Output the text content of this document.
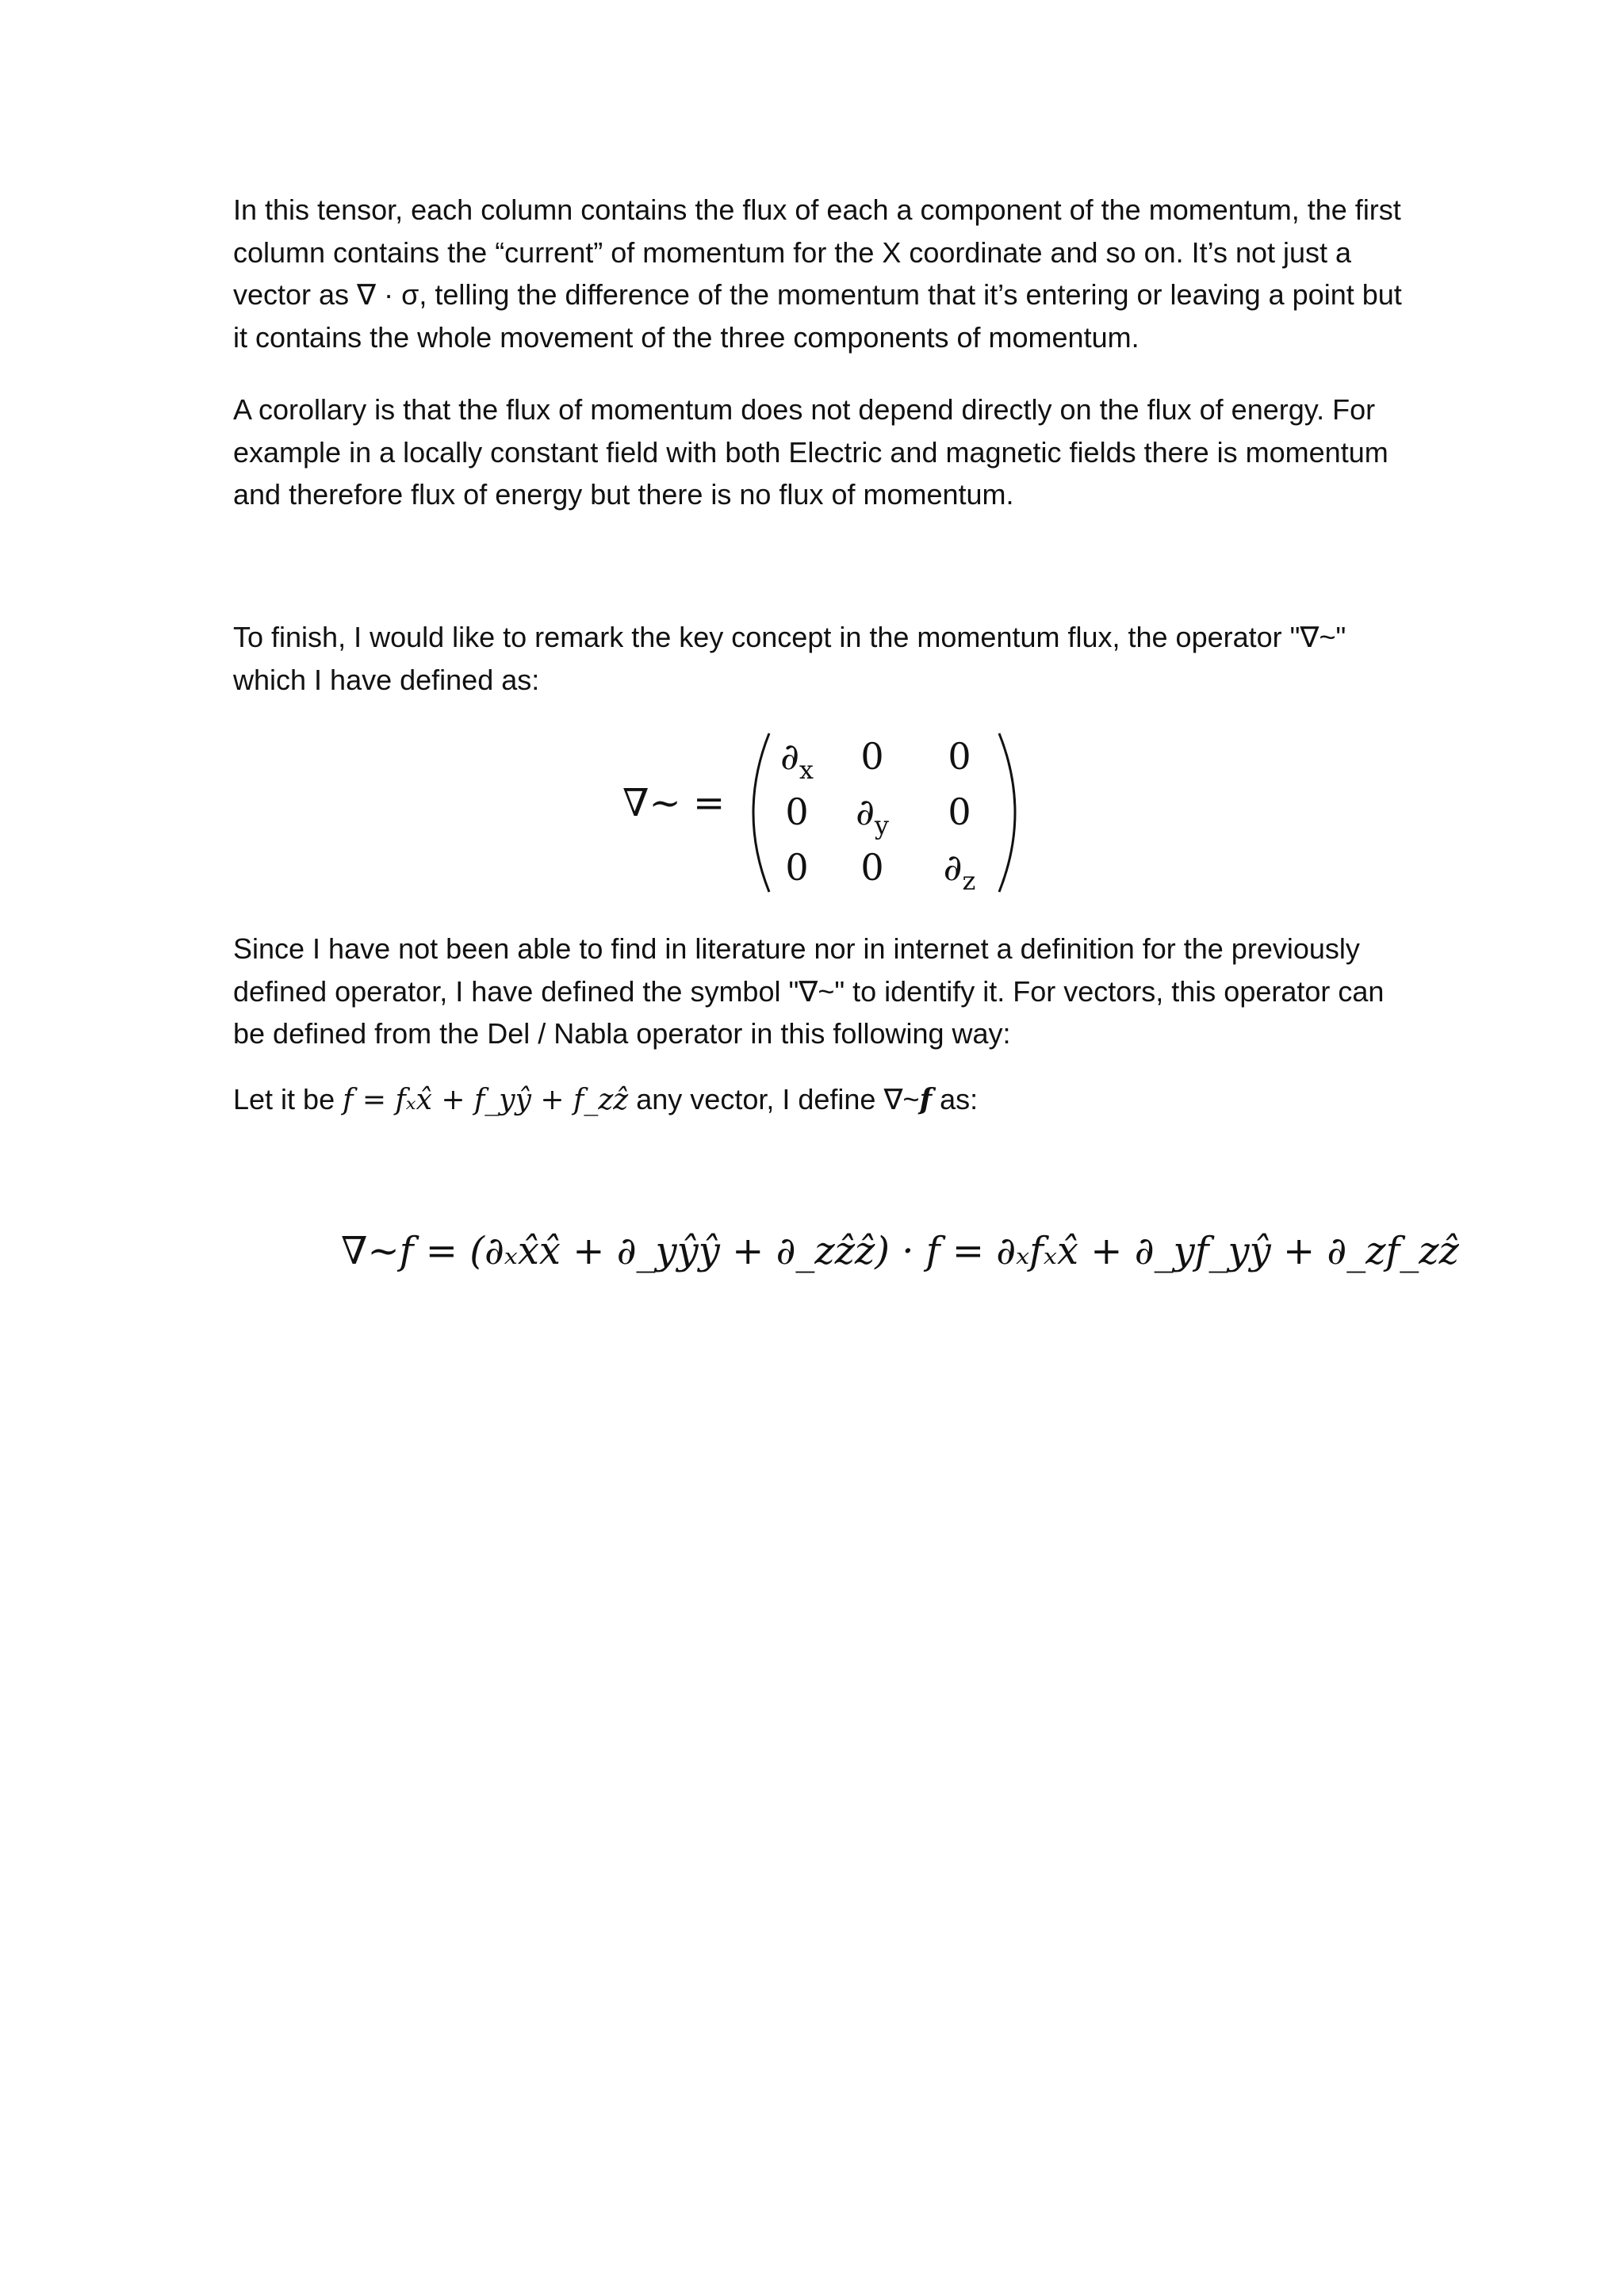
In this tensor, each column contains the flux of each a component of the momentum, the first column contains the “current” of momentum for the X coordinate and so on. It’s not just a vector as ∇ · σ, telling the difference of the momentum that it’s entering or leaving a point but it contains the whole movement of the three components of momentum.

A corollary is that the flux of momentum does not depend directly on the flux of energy. For example in a locally constant field with both Electric and magnetic fields there is momentum and therefore flux of energy but there is no flux of momentum.

To finish, I would like to remark the key concept in the momentum flux, the operator "∇~" which I have defined as:

∇~ =
$\partial_x$ 0 0
0 $\partial_y$ 0
0 0 $\partial_z$

Since I have not been able to find in literature nor in internet a definition for the previously defined operator, I have defined the symbol "∇~" to identify it. For vectors, this operator can be defined from the Del / Nabla operator in this following way:

Let it be f = fₓx̂ + f_yŷ + f_zẑ any vector, I define ∇~f as:

∇~f = (∂ₓx̂x̂ + ∂_yŷŷ + ∂_zẑẑ) · f = ∂ₓfₓx̂ + ∂_yf_yŷ + ∂_zf_zẑ
